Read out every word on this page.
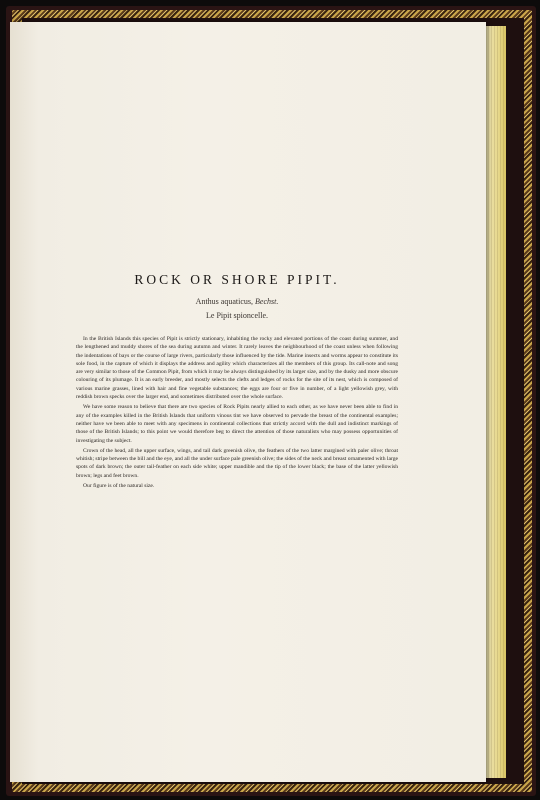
ROCK OR SHORE PIPIT.
Anthus aquaticus, Bechst.
Le Pipit spioncelle.

In the British Islands this species of Pipit is strictly stationary, inhabiting the rocky and elevated portions of the coast during summer, and the lengthened and muddy shores of the sea during autumn and winter. It rarely leaves the neighbourhood of the coast unless when following the indentations of bays or the course of large rivers, particularly those influenced by the tide. Marine insects and worms appear to constitute its sole food, in the capture of which it displays the address and agility which characterizes all the members of this group. Its call-note and song are very similar to those of the Common Pipit, from which it may be always distinguished by its larger size, and by the dusky and more obscure colouring of its plumage. It is an early breeder, and mostly selects the clefts and ledges of rocks for the site of its nest, which is composed of various marine grasses, lined with hair and fine vegetable substances; the eggs are four or five in number, of a light yellowish grey, with reddish brown specks over the larger end, and sometimes distributed over the whole surface.

We have some reason to believe that there are two species of Rock Pipits nearly allied to each other, as we have never been able to find in any of the examples killed in the British Islands that uniform vinous tint we have observed to pervade the breast of the continental examples; neither have we been able to meet with any specimens in continental collections that strictly accord with the dull and indistinct markings of those of the British Islands; to this point we would therefore beg to direct the attention of those naturalists who may possess opportunities of investigating the subject.

Crown of the head, all the upper surface, wings, and tail dark greenish olive, the feathers of the two latter margined with paler olive; throat whitish; stripe between the bill and the eye, and all the under surface pale greenish olive; the sides of the neck and breast ornamented with large spots of dark brown; the outer tail-feather on each side white; upper mandible and the tip of the lower black; the base of the latter yellowish brown; legs and feet brown.

Our figure is of the natural size.
